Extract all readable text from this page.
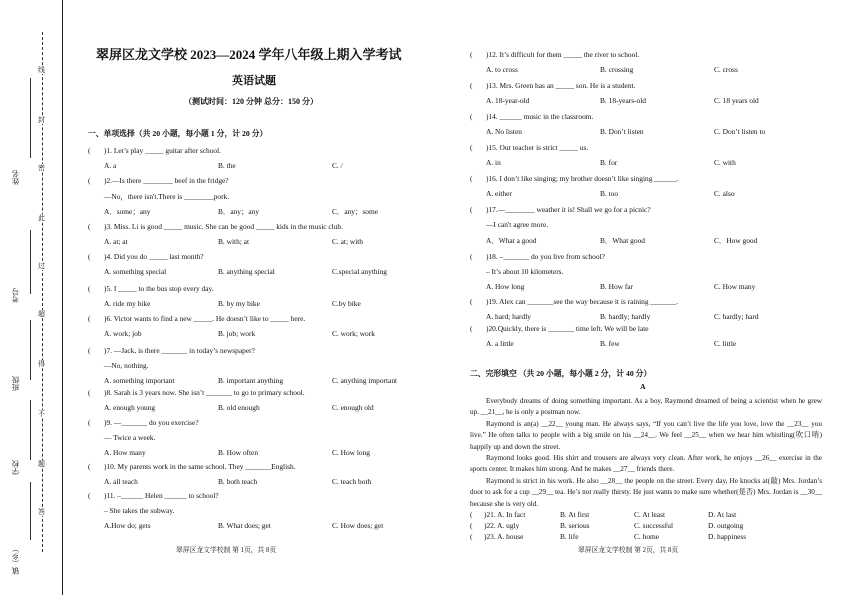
姓名
考号
班级
学校
镇（乡）
线
封
密
此
过
超
得
不
题
答
翠屏区龙文学校 2023—2024 学年八年级上期入学考试
英语试题
（测试时间：120 分钟 总分：150 分）
一、单项选择（共 20 小题，每小题 1 分，计 20 分）
二、完形填空 （共 20 小题，每小题 2 分，计 40 分）
A
Everybody dreams of doing something important. As a boy, Raymond dreamed of being a scientist when he grew up. __21__, he is only a postman now.
Raymond is an(a) __22__ young man. He always says, “If you can’t live the life you love, love the __23__ you live.” He often talks to people with a big smile on his __24__. We feel __25__ when we hear him whistling(吹口哨) happily up and down the street.
Raymond looks good. His shirt and trousers are always very clean. After work, he enjoys __26__ exercise in the sports center. It makes him strong. And he makes __27__ friends there.
Raymond is strict in his work. He also __28__ the people on the street. Every day, He knocks at(敲) Mrs. Jordan’s door to ask for a cup __29__ tea. He’s not really thirsty. He just wants to make sure whether(是否) Mrs. Jordan is __30__ because she is very old.
翠屏区龙文学校制 第 1页，共 8页	翠屏区龙文学校制 第 2页，共 8页
( )1. Let’s play _____ guitar after school.
A. a	B. the	C. /
( )2.—Is there ________ beef in the fridge?
—No，there isn't.There is ________pork.
A．some；any	B．any；any	C．any；some
( )3. Miss. Li is good _____ music. She can be good _____ kids in the music club.
A. at; at	B. with; at	C. at; with
( )4. Did you do _____ last month?
A. something special	B. anything special	C.special anything
( )5. I _____ to the bus stop every day.
A. ride my bike	B. by my bike	C.by bike
( )6. Victor wants to find a new _____. He doesn’t like to _____ here.
A. work; job	B. job; work	C. work; work
( )7. —Jack, is there _______ in today’s newspaper?
—No, nothing.
A. something important	B. important anything	C. anything important
( )8. Sarah is 3 years now. She isn’t _______ to go to primary school.
A. enough young	B. old enough	C. enough old
( )9. —_______ do you exercise?
— Twice a week.
A. How many	B. How often	C. How long
( )10. My parents work in the same school. They _______English.
A. all teach	B. both teach	C. teach both
( )11. –______ Helen ______ to school?
– She takes the subway.
A.How do; gets	B. What does; get	C. How does; get
( )12. It’s difficult for them _____ the river to school.
A. to cross	B. crossing	C. cross
( )13. Mrs. Green has an _____ son. He is a student.
A. 18-year-old	B. 18-years-old	C. 18 years old
( )14. ______ music in the classroom.
A. No listen	B. Don’t listen	C. Don’t listen to
( )15. Our teacher is strict _____ us.
A. in	B. for	C. with
( )16. I don’t like singing; my brother doesn’t like singing ______.
A. either	B. too	C. also
( )17.—________ weather it is! Shall we go for a picnic?
—I can't agree more.
A．What a good	B．What good	C．How good
( )18. –_______ do you live from school?
– It’s about 10 kilometers.
A. How long	B. How far	C. How many
( )19. Alex can _______see the way because it is raining _______.
A. hard; hardly	B. hardly; hardly	C. hardly; hard
( )20.Quickly, there is _______ time left. We will be late
A. a little	B. few	C. little
( )21. A. In fact	B. At first	C. At least	D. At last
( )22. A. ugly	B. serious	C. successful	D. outgoing
( )23. A. house	B. life	C. home	D. happiness
